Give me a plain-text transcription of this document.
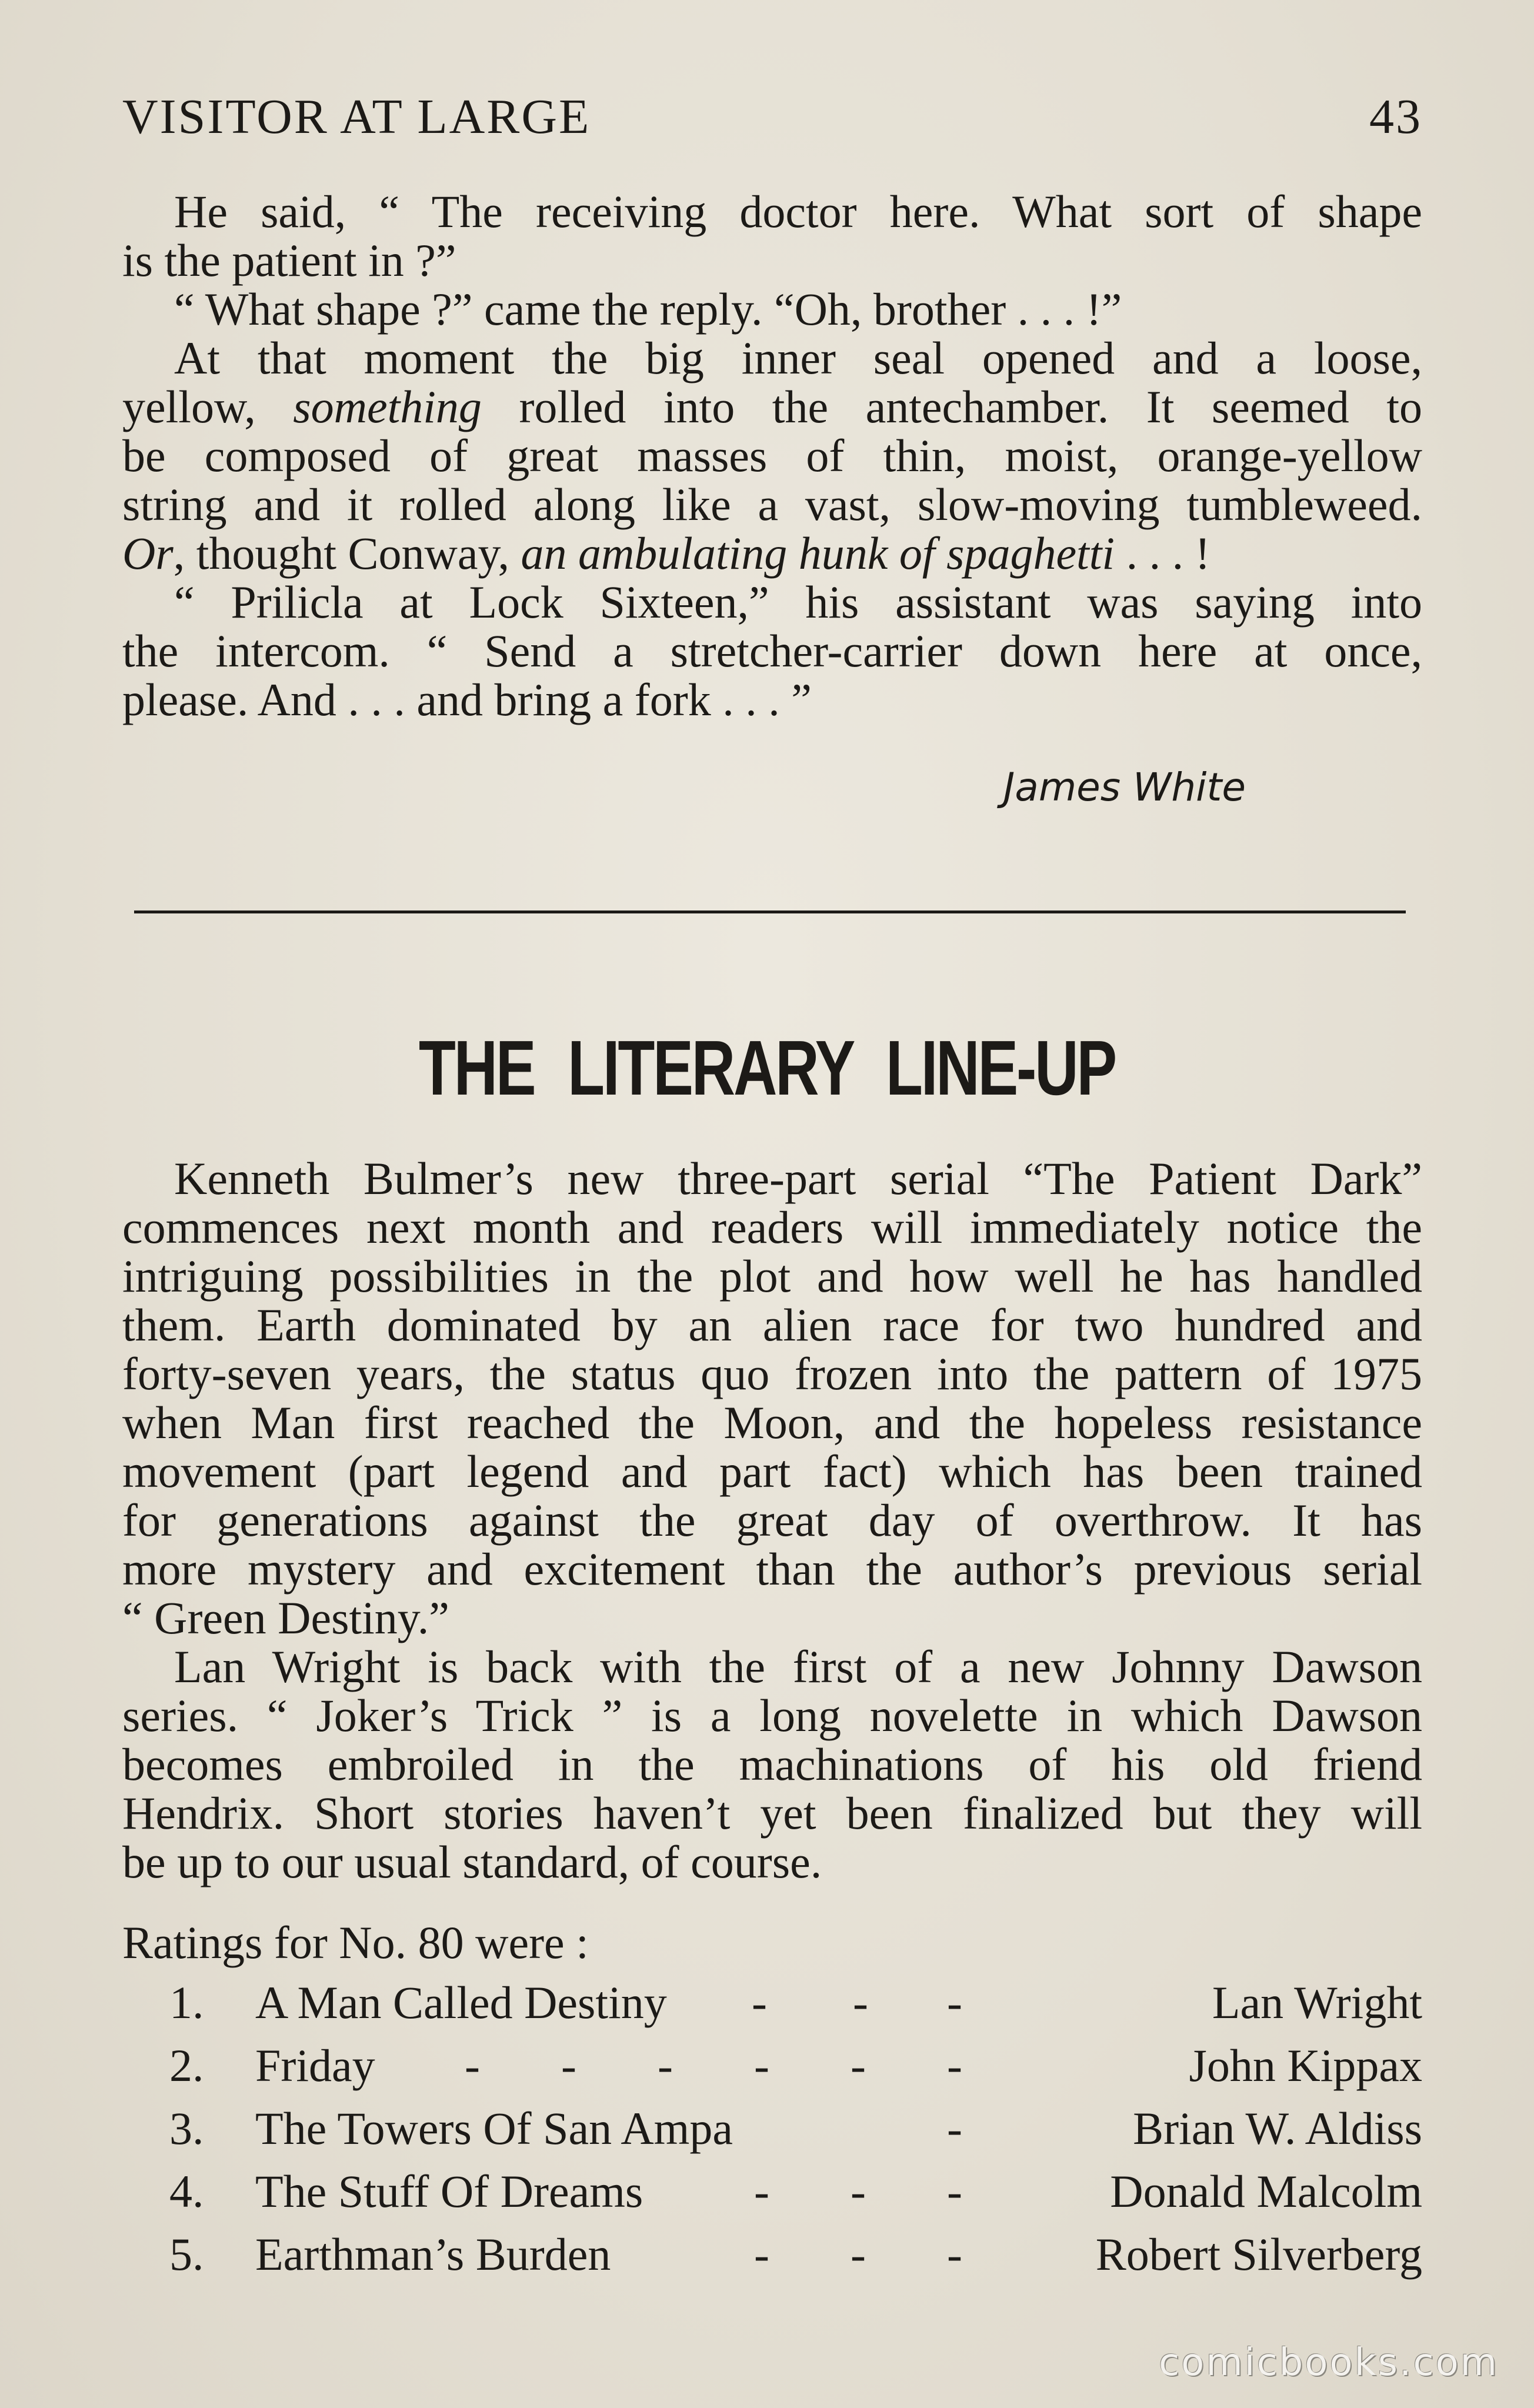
VISITOR AT LARGE	43

He said, “ The receiving doctor here. What sort of shape
is the patient in ?”

“ What shape ?” came the reply. “Oh, brother . . . !”

At that moment the big inner seal opened and a loose,
yellow, something rolled into the antechamber. It seemed to
be composed of great masses of thin, moist, orange-yellow
string and it rolled along like a vast, slow-moving tumbleweed.
Or, thought Conway, an ambulating hunk of spaghetti . . . !

“ Prilicla at Lock Sixteen,” his assistant was saying into
the intercom. “ Send a stretcher-carrier down here at once,
please. And . . . and bring a fork . . . ”

James White
THE LITERARY LINE-UP

Kenneth Bulmer’s new three-part serial “The Patient Dark”
commences next month and readers will immediately notice the
intriguing possibilities in the plot and how well he has handled
them. Earth dominated by an alien race for two hundred and
forty-seven years, the status quo frozen into the pattern of 1975
when Man first reached the Moon, and the hopeless resistance
movement (part legend and part fact) which has been trained
for generations against the great day of overthrow. It has
more mystery and excitement than the author’s previous serial
“ Green Destiny.”

Lan Wright is back with the first of a new Johnny Dawson
series. “ Joker’s Trick ” is a long novelette in which Dawson
becomes embroiled in the machinations of his old friend
Hendrix. Short stories haven’t yet been finalized but they will
be up to our usual standard, of course.

Ratings for No. 80 were :
1. A Man Called Destiny - - -	Lan Wright
2. Friday - - - - - -	John Kippax
3. The Towers Of San Ampa	-	Brian W. Aldiss
4. The Stuff Of Dreams - - -	Donald Malcolm
5. Earthman’s Burden	- - -	Robert Silverberg
comicbooks.com
